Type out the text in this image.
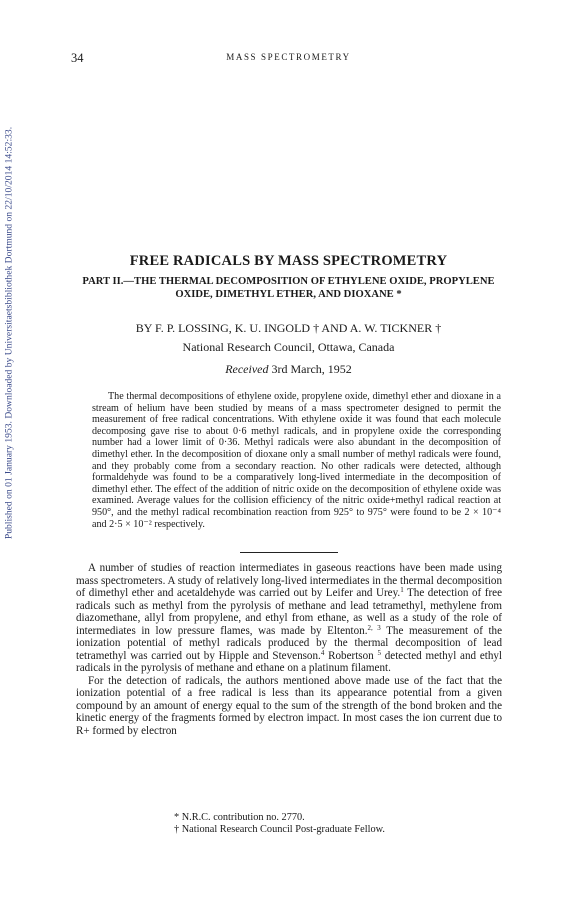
34	MASS SPECTROMETRY
Published on 01 January 1953. Downloaded by Universitaetsbibliothek Dortmund on 22/10/2014 14:52:33.	FREE RADICALS BY MASS SPECTROMETRY
PART II.—THE THERMAL DECOMPOSITION OF ETHYLENE OXIDE, PROPYLENE OXIDE, DIMETHYL ETHER, AND DIOXANE *
BY F. P. LOSSING, K. U. INGOLD † AND A. W. TICKNER †
National Research Council, Ottawa, Canada
Received 3rd March, 1952

The thermal decompositions of ethylene oxide, propylene oxide, dimethyl ether and dioxane in a stream of helium have been studied by means of a mass spectrometer designed to permit the measurement of free radical concentrations. With ethylene oxide it was found that each molecule decomposing gave rise to about 0·6 methyl radicals, and in propylene oxide the corresponding number had a lower limit of 0·36. Methyl radicals were also abundant in the decomposition of dimethyl ether. In the decomposition of dioxane only a small number of methyl radicals were found, and they probably come from a secondary reaction. No other radicals were detected, although formaldehyde was found to be a comparatively long-lived intermediate in the decomposition of dimethyl ether. The effect of the addition of nitric oxide on the decomposition of ethylene oxide was examined. Average values for the collision efficiency of the nitric oxide+methyl radical reaction at 950°, and the methyl radical recombination reaction from 925° to 975° were found to be 2 × 10⁻⁴ and 2·5 × 10⁻² respectively.

A number of studies of reaction intermediates in gaseous reactions have been made using mass spectrometers. A study of relatively long-lived intermediates in the thermal decomposition of dimethyl ether and acetaldehyde was carried out by Leifer and Urey.$^1$ The detection of free radicals such as methyl from the pyrolysis of methane and lead tetramethyl, methylene from diazomethane, allyl from propylene, and ethyl from ethane, as well as a study of the role of intermediates in low pressure flames, was made by Eltenton.$^{2, 3}$ The measurement of the ionization potential of methyl radicals produced by the thermal decomposition of lead tetramethyl was carried out by Hipple and Stevenson.$^4$ Robertson $^5$ detected methyl and ethyl radicals in the pyrolysis of methane and ethane on a platinum filament.

For the detection of radicals, the authors mentioned above made use of the fact that the ionization potential of a free radical is less than its appearance potential from a given compound by an amount of energy equal to the sum of the strength of the bond broken and the kinetic energy of the fragments formed by electron impact. In most cases the ion current due to R+ formed by electron

* N.R.C. contribution no. 2770.
† National Research Council Post-graduate Fellow.
